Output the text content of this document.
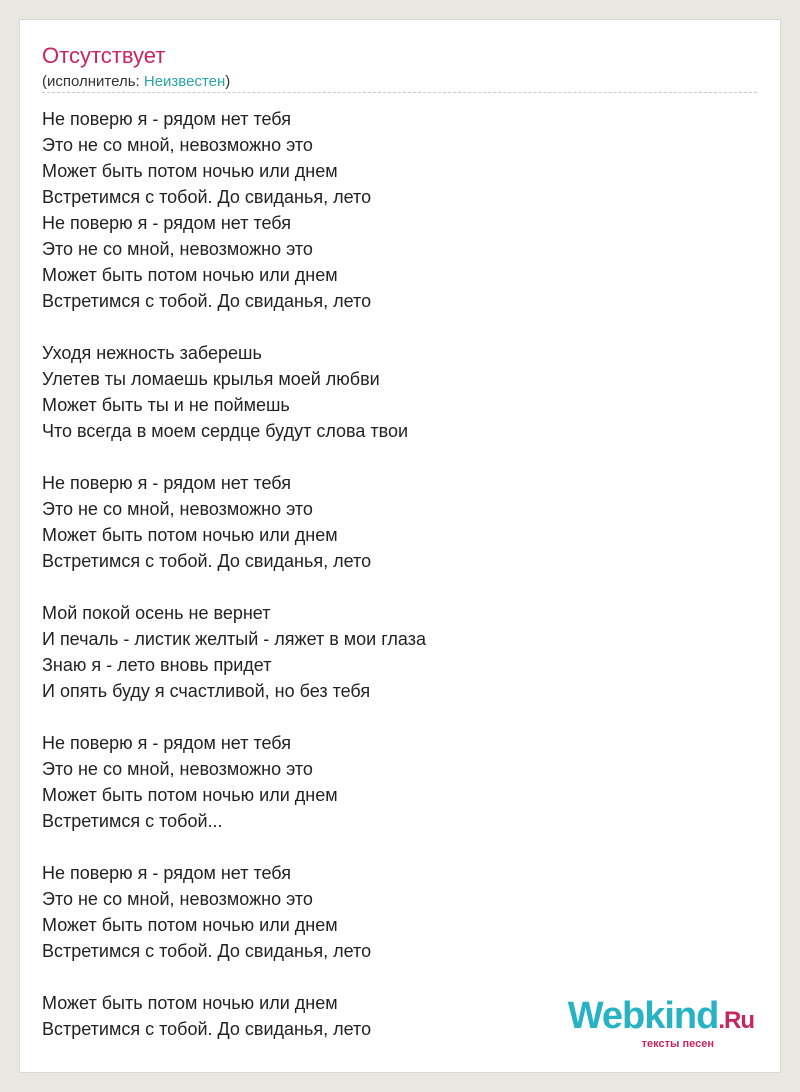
Отсутствует
(исполнитель: Неизвестен)
Не поверю я - рядом нет тебя
Это не со мной, невозможно это
Может быть потом ночью или днем
Встретимся с тобой. До свиданья, лето
Не поверю я - рядом нет тебя
Это не со мной, невозможно это
Может быть потом ночью или днем
Встретимся с тобой. До свиданья, лето
Уходя нежность заберешь
Улетев ты ломаешь крылья моей любви
Может быть ты и не поймешь
Что всегда в моем сердце будут слова твои
Не поверю я - рядом нет тебя
Это не со мной, невозможно это
Может быть потом ночью или днем
Встретимся с тобой. До свиданья, лето
Мой покой осень не вернет
И печаль - листик желтый - ляжет в мои глаза
Знаю я - лето вновь придет
И опять буду я счастливой, но без тебя
Не поверю я - рядом нет тебя
Это не со мной, невозможно это
Может быть потом ночью или днем
Встретимся с тобой...
Не поверю я - рядом нет тебя
Это не со мной, невозможно это
Может быть потом ночью или днем
Встретимся с тобой. До свиданья, лето
Может быть потом ночью или днем
Встретимся с тобой. До свиданья, лето	Webkind.Ru
тексты песен
